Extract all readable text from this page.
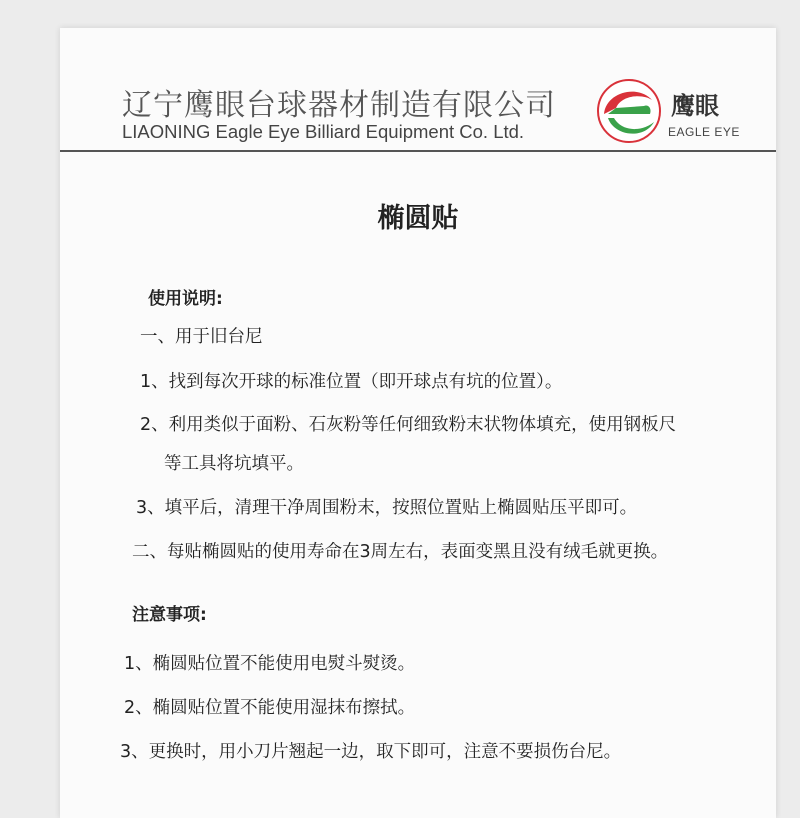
辽宁鹰眼台球器材制造有限公司
LIAONING Eagle Eye Billiard Equipment Co. Ltd.
鹰眼
EAGLE EYE
椭圆贴
使用说明:
一、用于旧台尼
1、找到每次开球的标准位置（即开球点有坑的位置）。
2、利用类似于面粉、石灰粉等任何细致粉末状物体填充，使用钢板尺
等工具将坑填平。
3、填平后，清理干净周围粉末，按照位置贴上椭圆贴压平即可。
二、每贴椭圆贴的使用寿命在3周左右，表面变黑且没有绒毛就更换。
注意事项:
1、椭圆贴位置不能使用电熨斗熨烫。
2、椭圆贴位置不能使用湿抹布擦拭。
3、更换时，用小刀片翘起一边，取下即可，注意不要损伤台尼。
